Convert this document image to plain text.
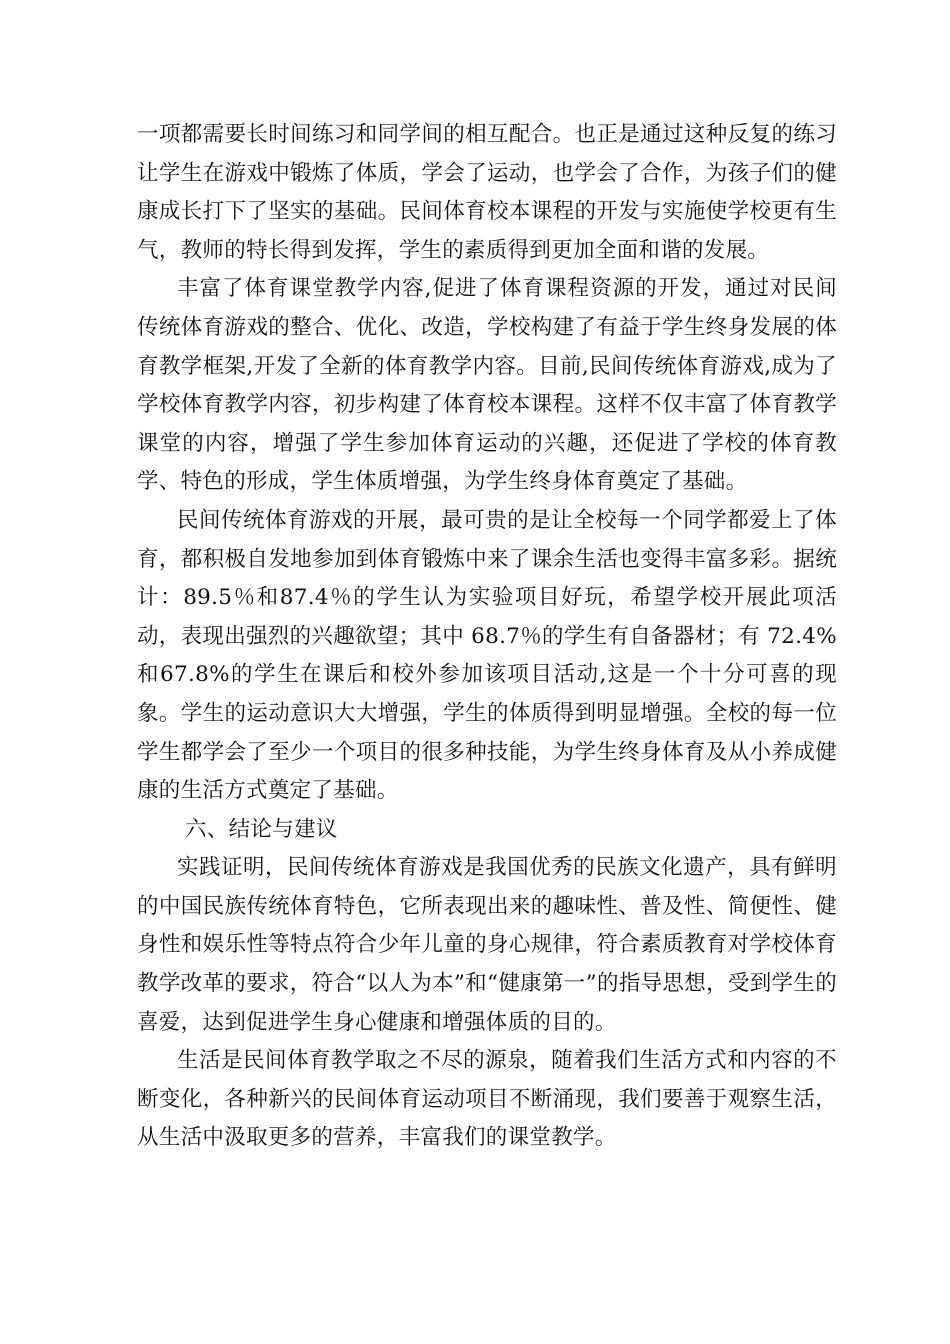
一项都需要长时间练习和同学间的相互配合。也正是通过这种反复的练习让学生在游戏中锻炼了体质，学会了运动，也学会了合作，为孩子们的健康成长打下了坚实的基础。民间体育校本课程的开发与实施使学校更有生气，教师的特长得到发挥，学生的素质得到更加全面和谐的发展。

丰富了体育课堂教学内容,促进了体育课程资源的开发，通过对民间传统体育游戏的整合、优化、改造，学校构建了有益于学生终身发展的体育教学框架,开发了全新的体育教学内容。目前,民间传统体育游戏,成为了学校体育教学内容，初步构建了体育校本课程。这样不仅丰富了体育教学课堂的内容，增强了学生参加体育运动的兴趣，还促进了学校的体育教学、特色的形成，学生体质增强，为学生终身体育奠定了基础。

民间传统体育游戏的开展，最可贵的是让全校每一个同学都爱上了体育，都积极自发地参加到体育锻炼中来了课余生活也变得丰富多彩。据统计：89.5％和87.4％的学生认为实验项目好玩，希望学校开展此项活动，表现出强烈的兴趣欲望；其中 68.7％的学生有自备器材；有 72.4%和67.8%的学生在课后和校外参加该项目活动,这是一个十分可喜的现象。学生的运动意识大大增强，学生的体质得到明显增强。全校的每一位学生都学会了至少一个项目的很多种技能，为学生终身体育及从小养成健康的生活方式奠定了基础。

六、结论与建议

实践证明，民间传统体育游戏是我国优秀的民族文化遗产，具有鲜明的中国民族传统体育特色，它所表现出来的趣味性、普及性、简便性、健身性和娱乐性等特点符合少年儿童的身心规律，符合素质教育对学校体育教学改革的要求，符合“以人为本”和“健康第一”的指导思想，受到学生的喜爱，达到促进学生身心健康和增强体质的目的。

生活是民间体育教学取之不尽的源泉，随着我们生活方式和内容的不断变化，各种新兴的民间体育运动项目不断涌现，我们要善于观察生活，从生活中汲取更多的营养，丰富我们的课堂教学。
